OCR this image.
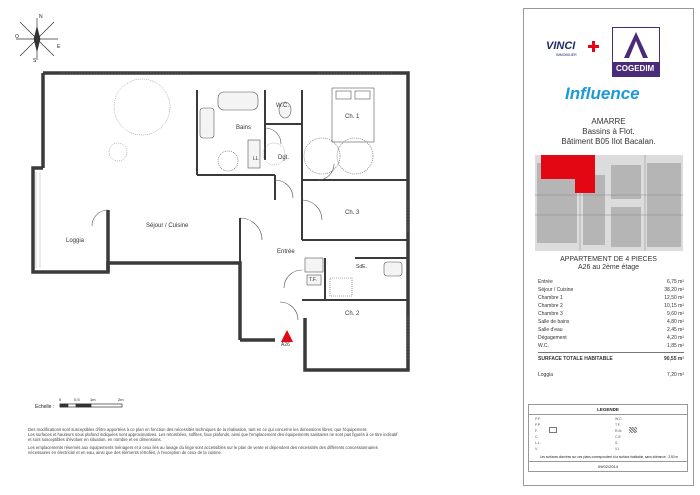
N
O
E
S
Bains
W.C.
Ch. 1
Dgt.
LL
Ch. 3
Séjour / Cuisine
Loggia
Entrée
SdE.
T.F.
Ch. 2
A26
Echelle :
0	0.5	1m	2m
Des modifications sont susceptibles d'être apportées à ce plan en fonction des nécessités techniques de la réalisation, tant en ce qui concerne les dimensions libres, que l'équipement.
Les surfaces et hauteurs sous plafond indiquées sont approximatives. Les retombées, soffites, faux plafonds, ainsi que l'emplacement des équipements sanitaires ne sont pas figurés à ce titre indicatif
et sont susceptibles d'évoluer en situation, en nombre et en dimensions.
Les emplacements réservés aux équipements ménagers et à ceux liés au lavage du linge sont accessibles sur le plan de vente et dépendent des nécessités des différents concessionnaires
nécessaires en électricité et en eau, ainsi que des éléments rétrofiés, à l'exception de ceux de la cuisine.
VINCI
IMMOBILIER
COGEDIM
Influence
AMARRE
Bassins à Flot.
Bâtiment B05 Ilot Bacalan.
APPARTEMENT DE 4 PIECES
A26 au 2ème étage
Entrée	6,75 m²
Séjour / Cuisine	38,20 m²
Chambre 1	12,50 m²
Chambre 2	10,15 m²
Chambre 3	9,60 m²
Salle de bains	4,80 m²
Salle d'eau	2,45 m²
Dégagement	4,20 m²
W.C.	1,85 m²
SURFACE TOTALE HABITABLE	90,55 m²
Loggia	7,20 m²
LEGENDE
P.F.
F.P.
F.
C.
L.L.
V.
W.C.
T.F.
R.M.
C.E.
S.
V.I.
Les surfaces données sur ces plans correspondent à la surface habitable, sans tolérance : 2,50 m
09/02/2014
